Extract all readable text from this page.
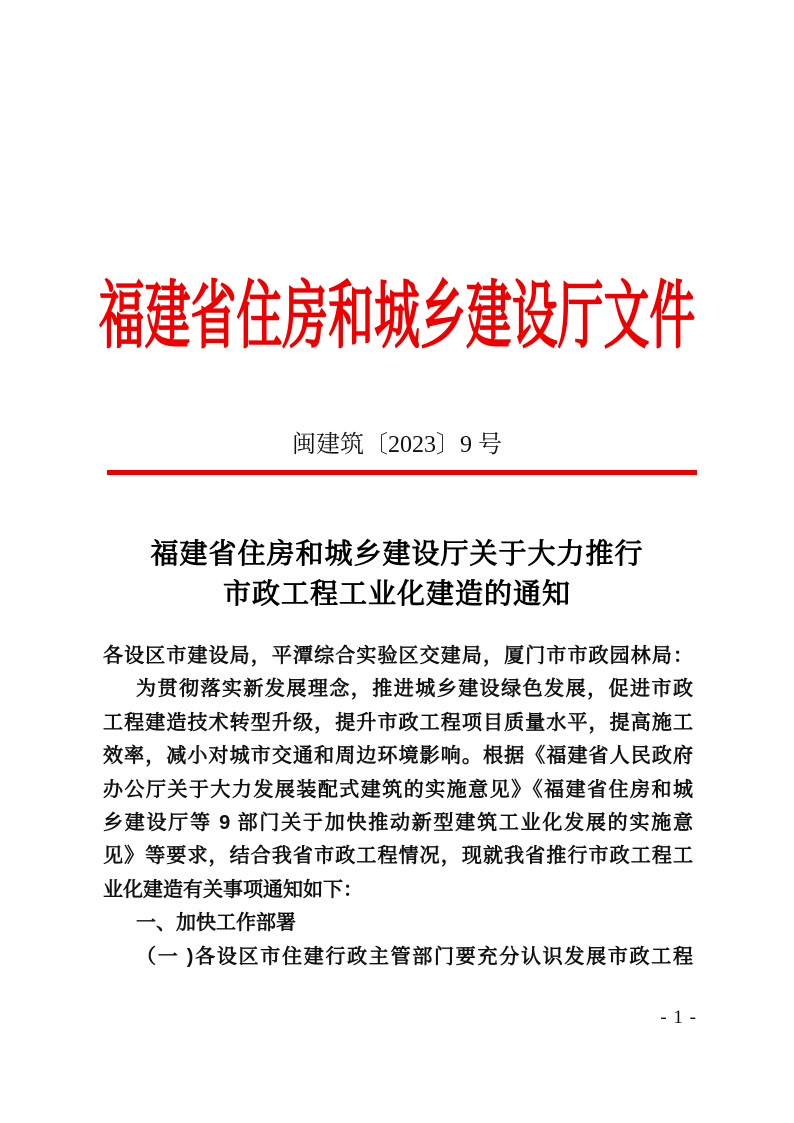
福建省住房和城乡建设厅文件
闽建筑〔2023〕9 号
福建省住房和城乡建设厅关于大力推行
市政工程工业化建造的通知
各设区市建设局，平潭综合实验区交建局，厦门市市政园林局：
为贯彻落实新发展理念，推进城乡建设绿色发展，促进市政
工程建造技术转型升级，提升市政工程项目质量水平，提高施工
效率，减小对城市交通和周边环境影响。根据《福建省人民政府
办公厅关于大力发展装配式建筑的实施意见》《福建省住房和城
乡建设厅等 9 部门关于加快推动新型建筑工业化发展的实施意
见》等要求，结合我省市政工程情况，现就我省推行市政工程工
业化建造有关事项通知如下：
一、加快工作部署
（一 )各设区市住建行政主管部门要充分认识发展市政工程
- 1 -
